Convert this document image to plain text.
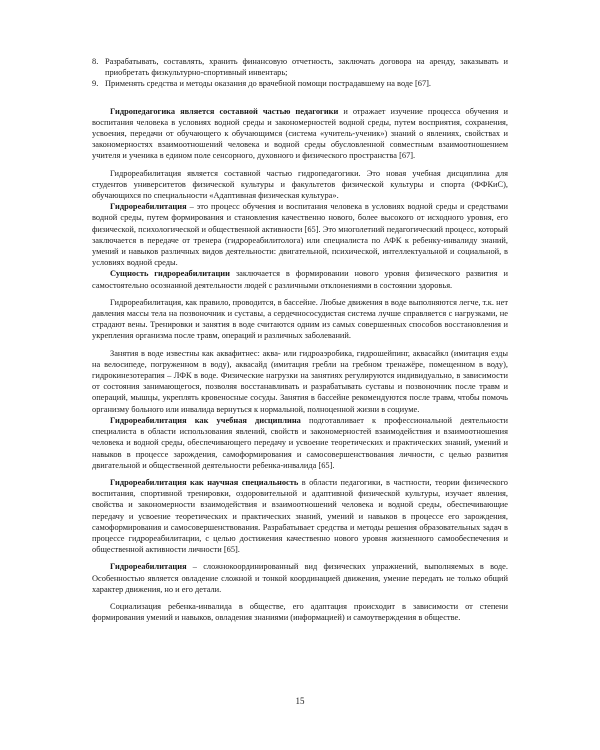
8. Разрабатывать, составлять, хранить финансовую отчетность, заключать договора на аренду, заказывать и приобретать физкультурно-спортивный инвентарь;
9. Применять средства и методы оказания до врачебной помощи пострадавшему на воде [67].

Гидропедагогика является составной частью педагогики и отражает изучение процесса обучения и воспитания человека в условиях водной среды и закономерностей водной среды, путем восприятия, сохранения, усвоения, передачи от обучающего к обучающимся (система «учитель-ученик») знаний о явлениях, свойствах и закономерностях взаимоотношений человека и водной среды обусловленной совместным взаимоотношением учителя и ученика в едином поле сенсорного, духовного и физического пространства [67].

Гидрореабилитация является составной частью гидропедагогики. Это новая учебная дисциплина для студентов университетов физической культуры и факультетов физической культуры и спорта (ФФКиС), обучающихся по специальности «Адаптивная физическая культура».

Гидрореабилитация – это процесс обучения и воспитания человека в условиях водной среды и средствами водной среды, путем формирования и становления качественно нового, более высокого от исходного уровня, его физической, психологической и общественной активности [65]. Это многолетний педагогический процесс, который заключается в передаче от тренера (гидрореабилитолога) или специалиста по АФК к ребенку-инвалиду знаний, умений и навыков различных видов деятельности: двигательной, психической, интеллектуальной и социальной, в условиях водной среды.

Сущность гидрореабилитации заключается в формировании нового уровня физического развития и самостоятельно осознанной деятельности людей с различными отклонениями в состоянии здоровья.

Гидрореабилитация, как правило, проводится, в бассейне. Любые движения в воде выполняются легче, т.к. нет давления массы тела на позвоночник и суставы, а сердечнососудистая система лучше справляется с нагрузками, не страдают вены. Тренировки и занятия в воде считаются одним из самых совершенных способов восстановления и укрепления организма после травм, операций и различных заболеваний.

Занятия в воде известны как аквафитнес: аква- или гидроаэробика, гидрошейпинг, аквасайкл (имитация езды на велосипеде, погруженном в воду), аквасайд (имитация гребли на гребном тренажёре, помещенном в воду), гидрокинезотерапия – ЛФК в воде. Физические нагрузки на занятиях регулируются индивидуально, в зависимости от состояния занимающегося, позволяя восстанавливать и разрабатывать суставы и позвоночник после травм и операций, мышцы, укреплять кровеносные сосуды. Занятия в бассейне рекомендуются после травм, чтобы помочь организму больного или инвалида вернуться к нормальной, полноценной жизни в социуме.

Гидрореабилитация как учебная дисциплина подготавливает к профессиональной деятельности специалиста в области использования явлений, свойств и закономерностей взаимодействия и взаимоотношения человека и водной среды, обеспечивающего передачу и усвоение теоретических и практических знаний, умений и навыков в процессе зарождения, самоформирования и самосовершенствования личности, с целью развития двигательной и общественной деятельности ребенка-инвалида [65].

Гидрореабилитация как научная специальность в области педагогики, в частности, теории физического воспитания, спортивной тренировки, оздоровительной и адаптивной физической культуры, изучает явления, свойства и закономерности взаимодействия и взаимоотношений человека и водной среды, обеспечивающие передачу и усвоение теоретических и практических знаний, умений и навыков в процессе его зарождения, самоформирования и самосовершенствования. Разрабатывает средства и методы решения образовательных задач в процессе гидрореабилитации, с целью достижения качественно нового уровня жизненного самообеспечения и общественной активности личности [65].

Гидрореабилитация – сложнокоординированный вид физических упражнений, выполняемых в воде. Особенностью является овладение сложной и тонкой координацией движения, умение передать не только общий характер движения, но и его детали.

Социализация ребенка-инвалида в обществе, его адаптация происходит в зависимости от степени формирования умений и навыков, овладения знаниями (информацией) и самоутверждения в обществе.

15
